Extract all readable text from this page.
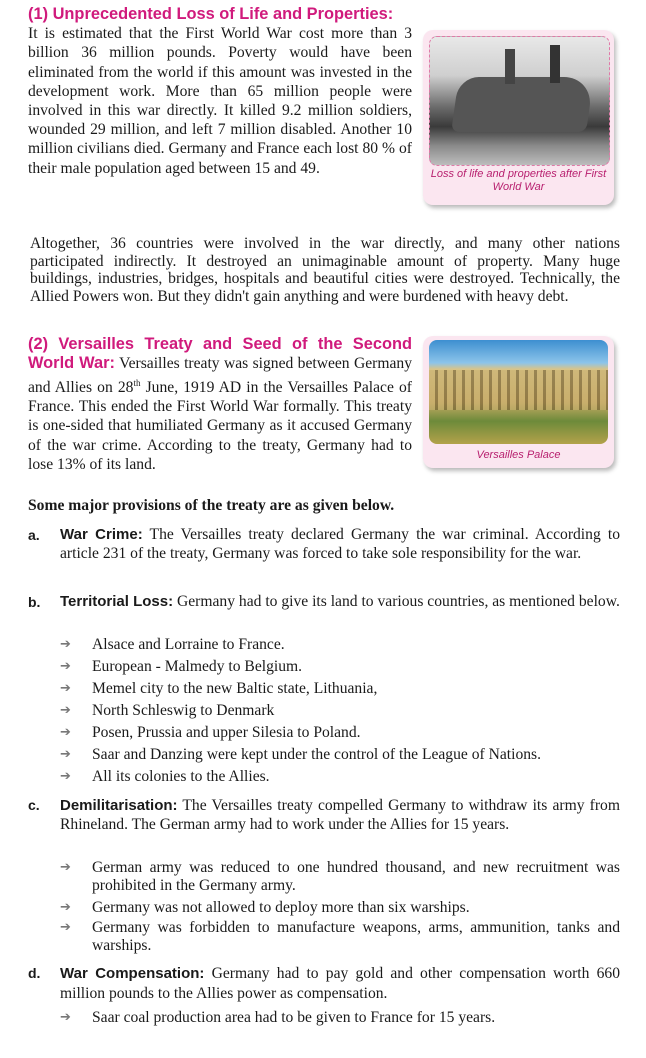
(1) Unprecedented Loss of Life and Properties:
It is estimated that the First World War cost more than 3 billion 36 million pounds. Poverty would have been eliminated from the world if this amount was invested in the development work. More than 65 million people were involved in this war directly. It killed 9.2 million soldiers, wounded 29 million, and left 7 million disabled. Another 10 million civilians died. Germany and France each lost 80 % of their male population aged between 15 and 49.	Loss of life and properties after First World War
Altogether, 36 countries were involved in the war directly, and many other nations participated indirectly. It destroyed an unimaginable amount of property. Many huge buildings, industries, bridges, hospitals and beautiful cities were destroyed. Technically, the Allied Powers won. But they didn't gain anything and were burdened with heavy debt.
(2) Versailles Treaty and Seed of the Second World War: Versailles treaty was signed between Germany and Allies on 28th June, 1919 AD in the Versailles Palace of France. This ended the First World War formally. This treaty is one-sided that humiliated Germany as it accused Germany of the war crime. According to the treaty, Germany had to lose 13% of its land.
Versailles Palace
Some major provisions of the treaty are as given below.
a. War Crime: The Versailles treaty declared Germany the war criminal. According to article 231 of the treaty, Germany was forced to take sole responsibility for the war.
b. Territorial Loss: Germany had to give its land to various countries, as mentioned below.
c. Demilitarisation: The Versailles treaty compelled Germany to withdraw its army from Rhineland. The German army had to work under the Allies for 15 years.
d. War Compensation: Germany had to pay gold and other compensation worth 660 million pounds to the Allies power as compensation.
➔ Alsace and Lorraine to France.
➔ European - Malmedy to Belgium.
➔ Memel city to the new Baltic state, Lithuania,
➔ North Schleswig to Denmark
➔ Posen, Prussia and upper Silesia to Poland.
➔ Saar and Danzing were kept under the control of the League of Nations.
➔ All its colonies to the Allies.
➔ German army was reduced to one hundred thousand, and new recruitment was prohibited in the Germany army.
➔ Germany was not allowed to deploy more than six warships.
➔ Germany was forbidden to manufacture weapons, arms, ammunition, tanks and warships.
➔ Saar coal production area had to be given to France for 15 years.
